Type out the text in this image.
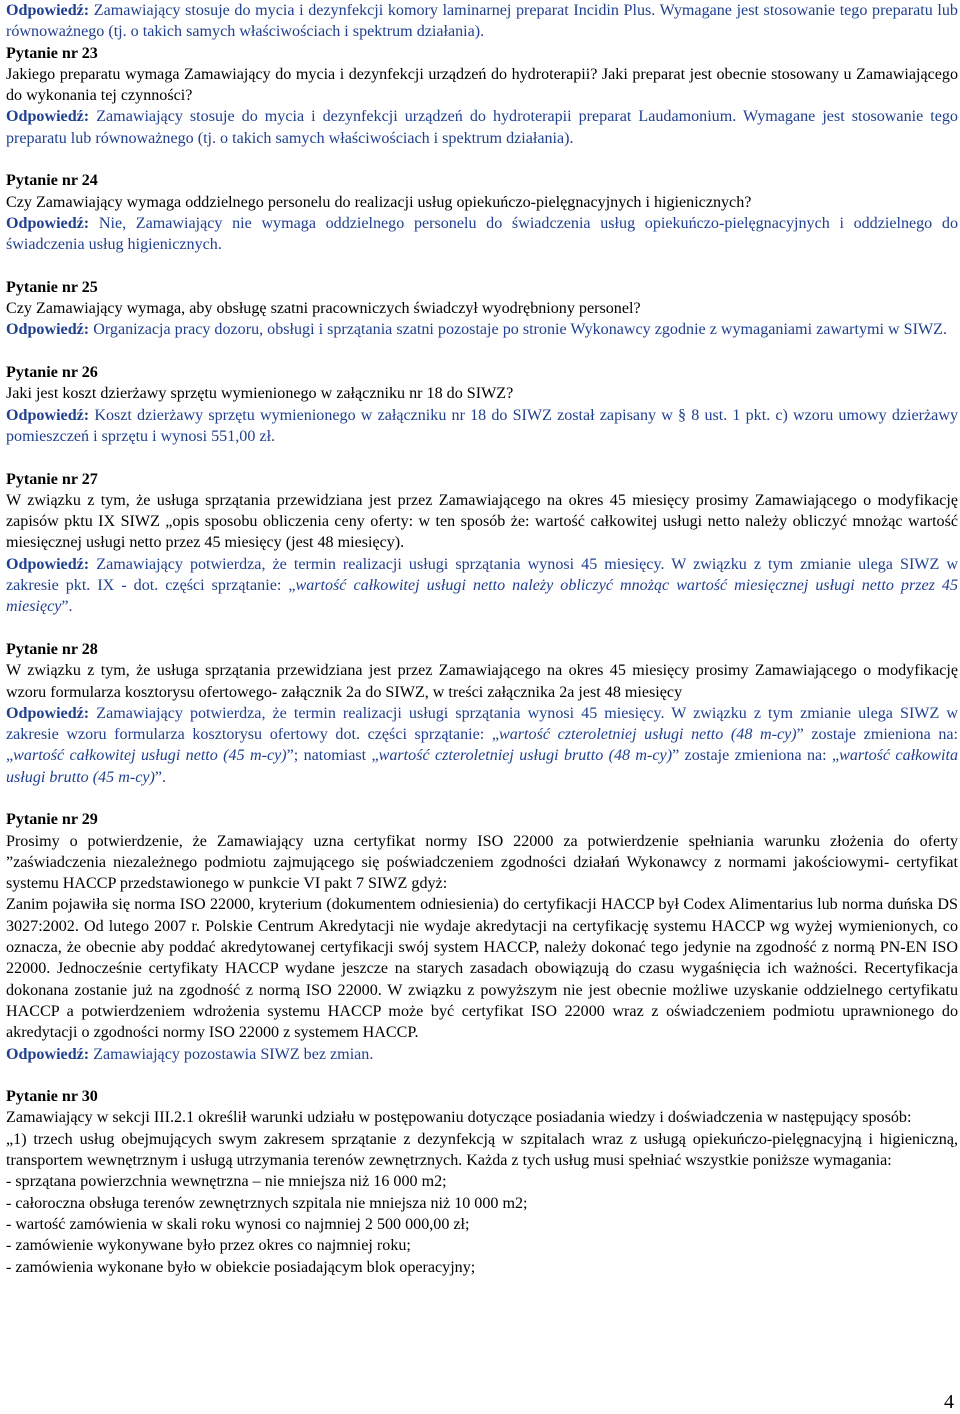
Odpowiedź: Zamawiający stosuje do mycia i dezynfekcji komory laminarnej preparat Incidin Plus. Wymagane jest stosowanie tego preparatu lub równoważnego (tj. o takich samych właściwościach i spektrum działania).

Pytanie nr 23

Jakiego preparatu wymaga Zamawiający do mycia i dezynfekcji urządzeń do hydroterapii? Jaki preparat jest obecnie stosowany u Zamawiającego do wykonania tej czynności?

Odpowiedź: Zamawiający stosuje do mycia i dezynfekcji urządzeń do hydroterapii preparat Laudamonium. Wymagane jest stosowanie tego preparatu lub równoważnego (tj. o takich samych właściwościach i spektrum działania).

Pytanie nr 24

Czy Zamawiający wymaga oddzielnego personelu do realizacji usług opiekuńczo-pielęgnacyjnych i higienicznych?

Odpowiedź: Nie, Zamawiający nie wymaga oddzielnego personelu do świadczenia usług opiekuńczo-pielęgnacyjnych i oddzielnego do świadczenia usług higienicznych.

Pytanie nr 25

Czy Zamawiający wymaga, aby obsługę szatni pracowniczych świadczył wyodrębniony personel?

Odpowiedź: Organizacja pracy dozoru, obsługi i sprzątania szatni pozostaje po stronie Wykonawcy zgodnie z wymaganiami zawartymi w SIWZ.

Pytanie nr 26

Jaki jest koszt dzierżawy sprzętu wymienionego w załączniku nr 18 do SIWZ?

Odpowiedź: Koszt dzierżawy sprzętu wymienionego w załączniku nr 18 do SIWZ został zapisany w § 8 ust. 1 pkt. c) wzoru umowy dzierżawy pomieszczeń i sprzętu i wynosi 551,00 zł.

Pytanie nr 27

W związku z tym, że usługa sprzątania przewidziana jest przez Zamawiającego na okres 45 miesięcy prosimy Zamawiającego o modyfikację zapisów pktu IX SIWZ „opis sposobu obliczenia ceny oferty: w ten sposób że: wartość całkowitej usługi netto należy obliczyć mnożąc wartość miesięcznej usługi netto przez 45 miesięcy (jest 48 miesięcy).

Odpowiedź: Zamawiający potwierdza, że termin realizacji usługi sprzątania wynosi 45 miesięcy. W związku z tym zmianie ulega SIWZ w zakresie pkt. IX - dot. części sprzątanie: „wartość całkowitej usługi netto należy obliczyć mnożąc wartość miesięcznej usługi netto przez 45 miesięcy”.

Pytanie nr 28

W związku z tym, że usługa sprzątania przewidziana jest przez Zamawiającego na okres 45 miesięcy prosimy Zamawiającego o modyfikację wzoru formularza kosztorysu ofertowego- załącznik 2a do SIWZ, w treści załącznika 2a jest 48 miesięcy

Odpowiedź: Zamawiający potwierdza, że termin realizacji usługi sprzątania wynosi 45 miesięcy. W związku z tym zmianie ulega SIWZ w zakresie wzoru formularza kosztorysu ofertowy dot. części sprzątanie: „wartość czteroletniej usługi netto (48 m-cy)” zostaje zmieniona na: „wartość całkowitej usługi netto (45 m-cy)”; natomiast „wartość czteroletniej usługi brutto (48 m-cy)” zostaje zmieniona na: „wartość całkowita usługi brutto (45 m-cy)”.

Pytanie nr 29

Prosimy o potwierdzenie, że Zamawiający uzna certyfikat normy ISO 22000 za potwierdzenie spełniania warunku złożenia do oferty ”zaświadczenia niezależnego podmiotu zajmującego się poświadczeniem zgodności działań Wykonawcy z normami jakościowymi- certyfikat systemu HACCP przedstawionego w punkcie VI pakt 7 SIWZ gdyż:

Zanim pojawiła się norma ISO 22000, kryterium (dokumentem odniesienia) do certyfikacji HACCP był Codex Alimentarius lub norma duńska DS 3027:2002. Od lutego 2007 r. Polskie Centrum Akredytacji nie wydaje akredytacji na certyfikację systemu HACCP wg wyżej wymienionych, co oznacza, że obecnie aby poddać akredytowanej certyfikacji swój system HACCP, należy dokonać tego jedynie na zgodność z normą PN-EN ISO 22000. Jednocześnie certyfikaty HACCP wydane jeszcze na starych zasadach obowiązują do czasu wygaśnięcia ich ważności. Recertyfikacja dokonana zostanie już na zgodność z normą ISO 22000. W związku z powyższym nie jest obecnie możliwe uzyskanie oddzielnego certyfikatu HACCP a potwierdzeniem wdrożenia systemu HACCP może być certyfikat ISO 22000 wraz z oświadczeniem podmiotu uprawnionego do akredytacji o zgodności normy ISO 22000 z systemem HACCP.

Odpowiedź: Zamawiający pozostawia SIWZ bez zmian.

Pytanie nr 30

Zamawiający w sekcji III.2.1 określił warunki udziału w postępowaniu dotyczące posiadania wiedzy i doświadczenia w następujący sposób:

„1) trzech usług obejmujących swym zakresem sprzątanie z dezynfekcją w szpitalach wraz z usługą opiekuńczo-pielęgnacyjną i higieniczną, transportem wewnętrznym i usługą utrzymania terenów zewnętrznych. Każda z tych usług musi spełniać wszystkie poniższe wymagania:

- sprzątana powierzchnia wewnętrzna – nie mniejsza niż 16 000 m2;

- całoroczna obsługa terenów zewnętrznych szpitala nie mniejsza niż 10 000 m2;

- wartość zamówienia w skali roku wynosi co najmniej 2 500 000,00 zł;

- zamówienie wykonywane było przez okres co najmniej roku;

- zamówienia wykonane było w obiekcie posiadającym blok operacyjny;

4
